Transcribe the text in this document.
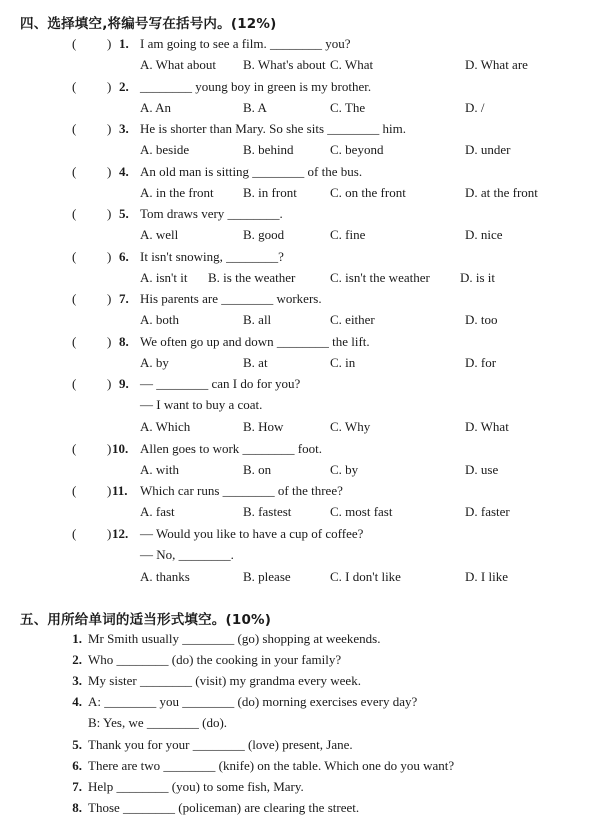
四、选择填空,将编号写在括号内。(12%)
( ) 1. I am going to see a film. ________ you?
A. What about B. What's about C. What	D. What are
( ) 2. ________ young boy in green is my brother.
A. An	B. A	C. The	D. /
( ) 3. He is shorter than Mary. So she sits ________ him.
A. beside	B. behind	C. beyond	D. under
( ) 4. An old man is sitting ________ of the bus.
A. in the front B. in front	C. on the front	D. at the front
( ) 5. Tom draws very ________.
A. well	B. good	C. fine	D. nice
( ) 6. It isn't snowing, ________?
A. isn't it B. is the weather	C. isn't the weather D. is it
( ) 7. His parents are ________ workers.
A. both	B. all	C. either	D. too
( ) 8. We often go up and down ________ the lift.
A. by	B. at	C. in	D. for
( ) 9. — ________ can I do for you?
— I want to buy a coat.
A. Which	B. How	C. Why	D. What
( ) 10. Allen goes to work ________ foot.
A. with	B. on	C. by	D. use
( ) 11. Which car runs ________ of the three?
A. fast	B. fastest	C. most fast	D. faster
( ) 12. — Would you like to have a cup of coffee?
— No, ________.
A. thanks	B. please	C. I don't like	D. I like
五、用所给单词的适当形式填空。(10%)
1. Mr Smith usually ________ (go) shopping at weekends.
2. Who ________ (do) the cooking in your family?
3. My sister ________ (visit) my grandma every week.
4. A: ________ you ________ (do) morning exercises every day?
B: Yes, we ________ (do).
5. Thank you for your ________ (love) present, Jane.
6. There are two ________ (knife) on the table. Which one do you want?
7. Help ________ (you) to some fish, Mary.
8. Those ________ (policeman) are clearing the street.
